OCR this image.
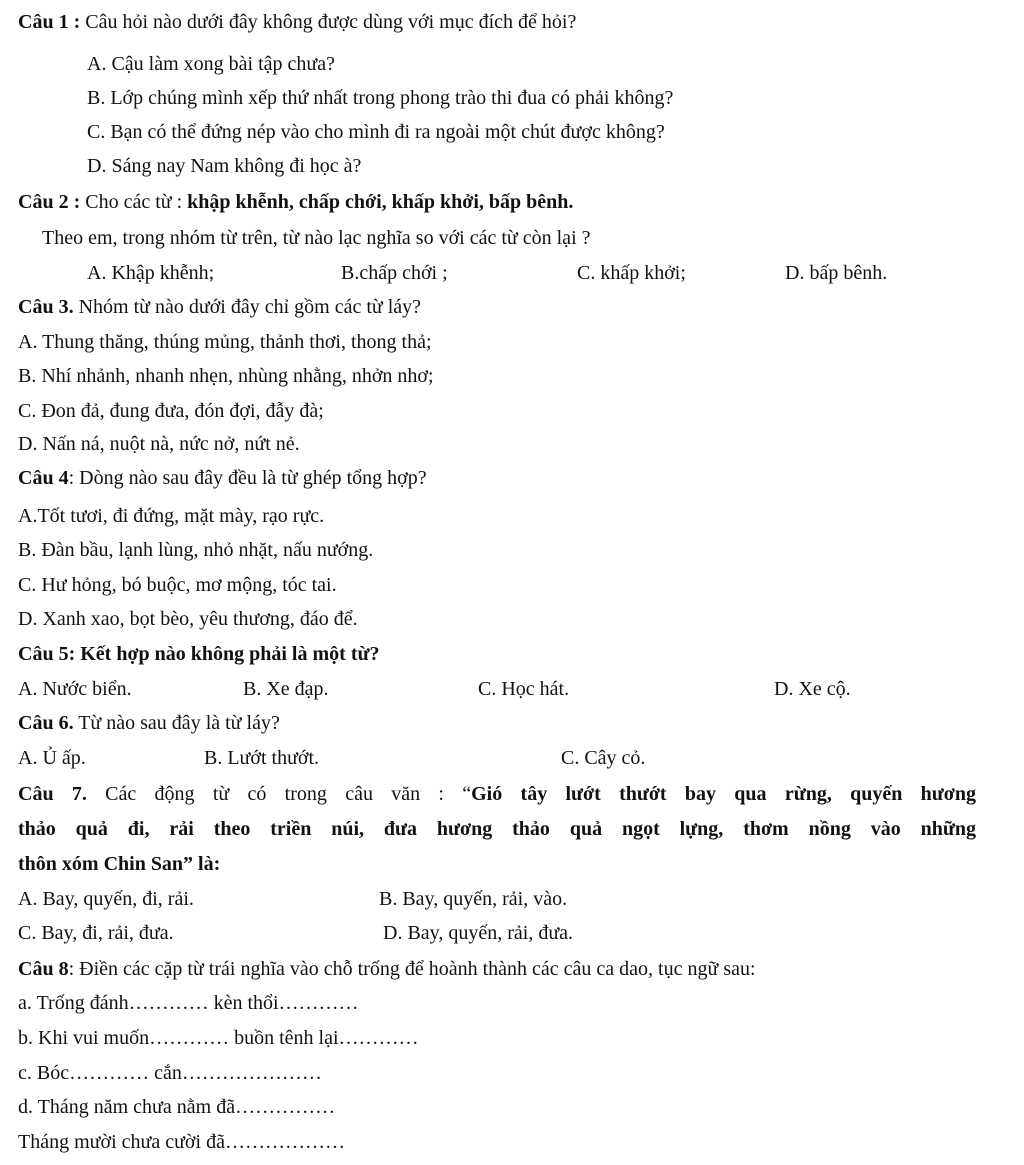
Câu 1 : Câu hỏi nào dưới đây không được dùng với mục đích để hỏi?
A. Cậu làm xong bài tập chưa?
B. Lớp chúng mình xếp thứ nhất trong phong trào thi đua có phải không?
C. Bạn có thể đứng nép vào cho mình đi ra ngoài một chút được không?
D. Sáng nay Nam không đi học à?
Câu 2 : Cho các từ : khập khễnh, chấp chới, khấp khởi, bấp bênh.
Theo em, trong nhóm từ trên, từ nào lạc nghĩa so với các từ còn lại ?
A. Khập khễnh;	B.chấp chới ;	C. khấp khởi;	D. bấp bênh.
Câu 3. Nhóm từ nào dưới đây chỉ gồm các từ láy?
A. Thung thăng, thúng mủng, thảnh thơi, thong thả;
B. Nhí nhảnh, nhanh nhẹn, nhùng nhằng, nhởn nhơ;
C. Đon đả, đung đưa, đón đợi, đẫy đà;
D. Nấn ná, nuột nà, nức nở, nứt nẻ.
Câu 4: Dòng nào sau đây đều là từ ghép tổng hợp?
A.Tốt tươi, đi đứng, mặt mày, rạo rực.
B. Đàn bầu, lạnh lùng, nhỏ nhặt, nấu nướng.
C. Hư hỏng, bó buộc, mơ mộng, tóc tai.
D. Xanh xao, bọt bèo, yêu thương, đáo để.
Câu 5: Kết hợp nào không phải là một từ?
A. Nước biển.	B. Xe đạp.	C. Học hát.	D. Xe cộ.
Câu 6. Từ nào sau đây là từ láy?
A. Ủ ấp.	B. Lướt thướt.	C. Cây cỏ.
Câu 7. Các động từ có trong câu văn : “Gió tây lướt thướt bay qua rừng, quyến hương
thảo quả đi, rải theo triền núi, đưa hương thảo quả ngọt lựng, thơm nồng vào những
thôn xóm Chin San” là:
A. Bay, quyến, đi, rải.	B. Bay, quyến, rải, vào.
C. Bay, đi, rải, đưa.	D. Bay, quyến, rải, đưa.
Câu 8: Điền các cặp từ trái nghĩa vào chỗ trống để hoành thành các câu ca dao, tục ngữ sau:
a. Trống đánh………… kèn thổi…………
b. Khi vui muốn………… buồn tênh lại…………
c. Bóc………… cắn…………………
d. Tháng năm chưa nằm đã……………
Tháng mười chưa cười đã………………
